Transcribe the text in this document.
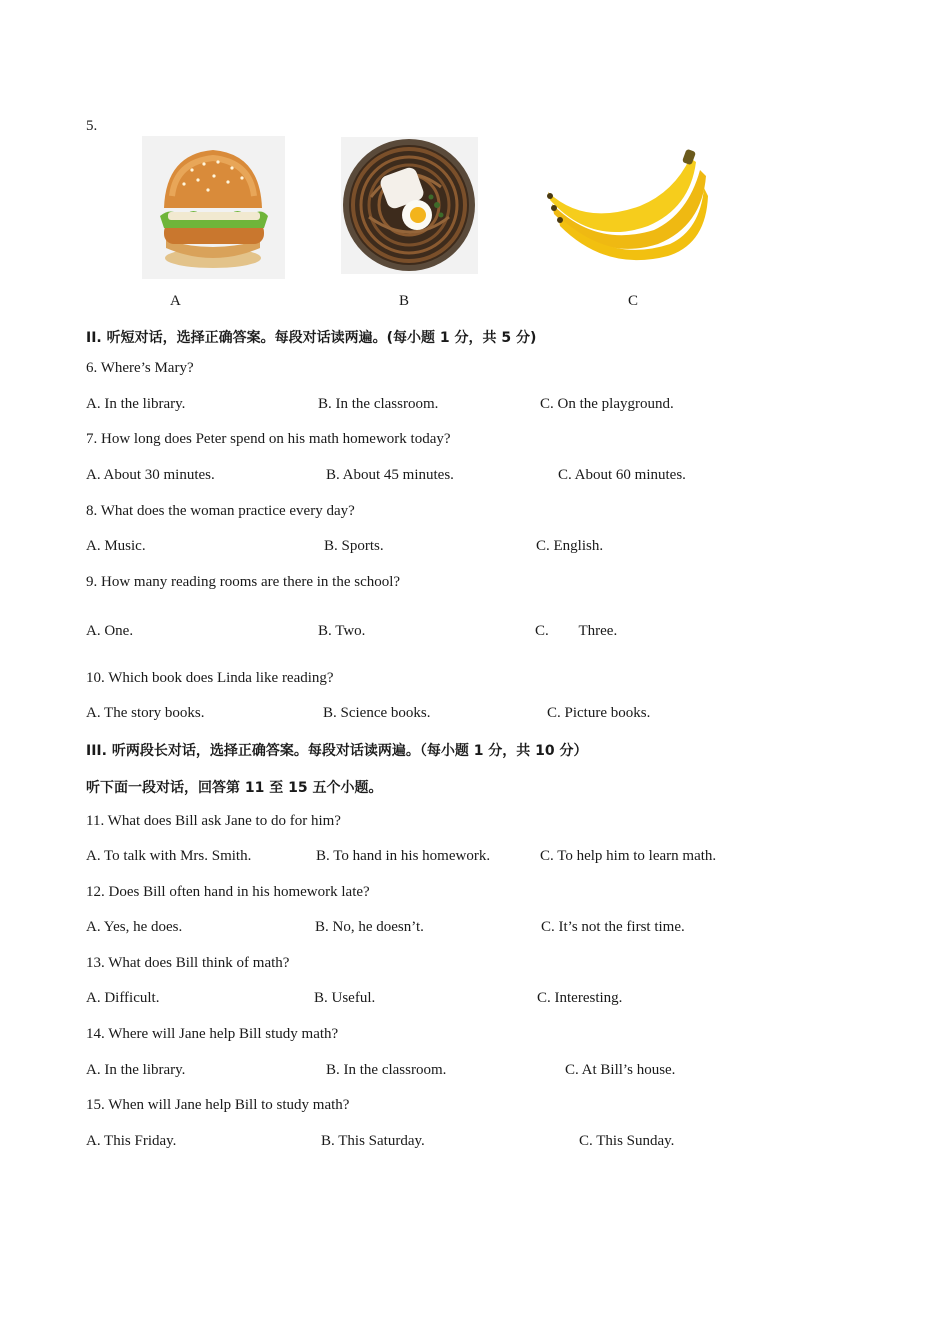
5.
A	B	C
II. 听短对话，选择正确答案。每段对话读两遍。(每小题 1 分，共 5 分)
6. Where’s Mary?
A. In the library.	B. In the classroom.	C. On the playground.
7. How long does Peter spend on his math homework today?
A. About 30 minutes.	B. About 45 minutes.	C. About 60 minutes.
8. What does the woman practice every day?
A. Music.	B. Sports.	C. English.
9. How many reading rooms are there in the school?
A. One.	B. Two.	C.        Three.
10. Which book does Linda like reading?
A. The story books.	B. Science books.	C. Picture books.
III. 听两段长对话，选择正确答案。每段对话读两遍。（每小题 1 分，共 10 分）
听下面一段对话，回答第 11 至 15 五个小题。
11. What does Bill ask Jane to do for him?
A. To talk with Mrs. Smith.	B. To hand in his homework.	C. To help him to learn math.
12. Does Bill often hand in his homework late?
A. Yes, he does.	B. No, he doesn’t.	C. It’s not the first time.
13. What does Bill think of math?
A. Difficult.	B. Useful.	C. Interesting.
14. Where will Jane help Bill study math?
A. In the library.	B. In the classroom.	C. At Bill’s house.
15. When will Jane help Bill to study math?
A. This Friday.	B. This Saturday.	C. This Sunday.
